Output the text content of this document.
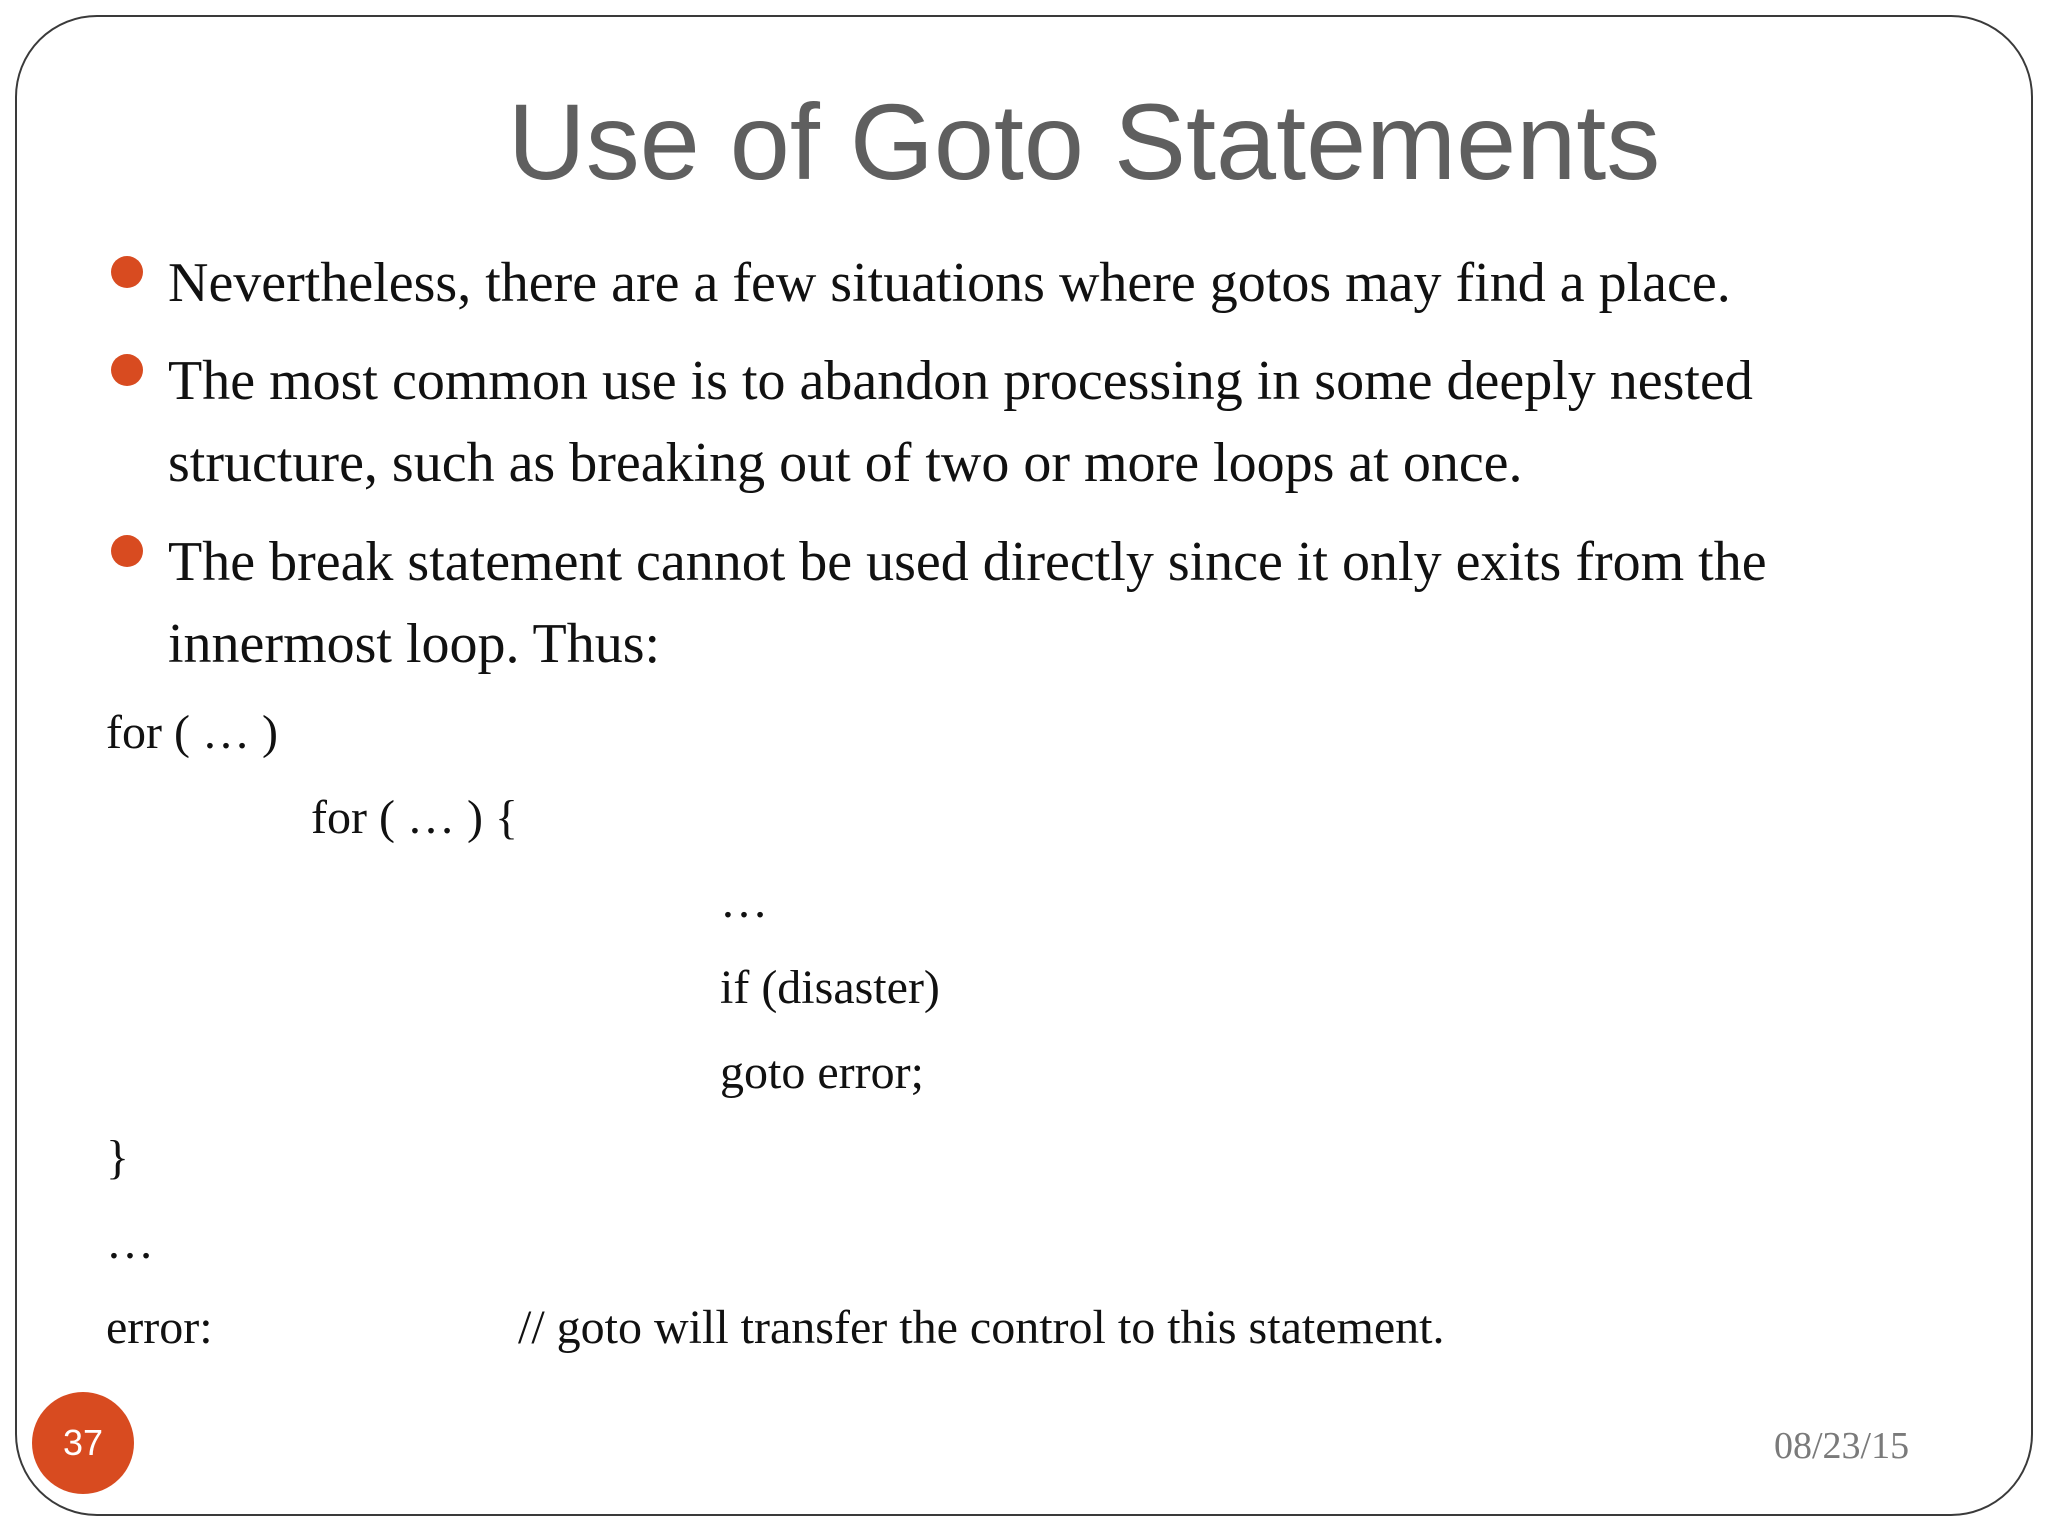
Use of Goto Statements
Nevertheless, there are a few situations where gotos may find a place.
The most common use is to abandon processing in some deeply nested structure, such as breaking out of two or more loops at once.
The break statement cannot be used directly since it only exits from the innermost loop. Thus:
for ( … )
for ( … ) {
…
if (disaster)
goto error;
}
…
error:	// goto will transfer the control to this statement.
37	08/23/15
